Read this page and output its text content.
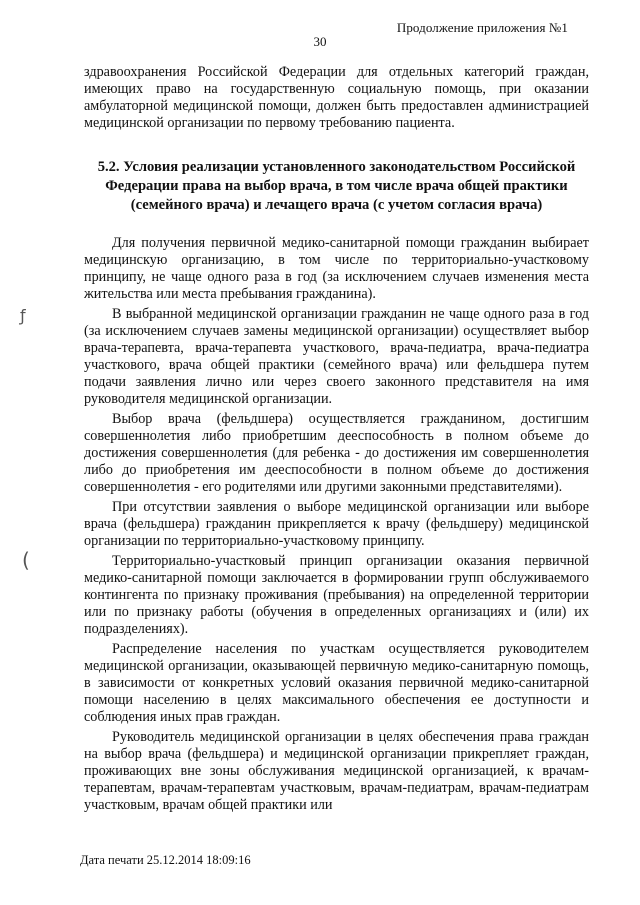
Продолжение приложения №1
30
ƒ
(

здравоохранения Российской Федерации для отдельных категорий граждан, имеющих право на государственную социальную помощь, при оказании амбулаторной медицинской помощи, должен быть предоставлен администрацией медицинской организации по первому требованию пациента.

5.2. Условия реализации установленного законодательством Российской Федерации права на выбор врача, в том числе врача общей практики (семейного врача) и лечащего врача (с учетом согласия врача)

Для получения первичной медико-санитарной помощи гражданин выбирает медицинскую организацию, в том числе по территориально-участковому принципу, не чаще одного раза в год (за исключением случаев изменения места жительства или места пребывания гражданина).

В выбранной медицинской организации гражданин не чаще одного раза в год (за исключением случаев замены медицинской организации) осуществляет выбор врача-терапевта, врача-терапевта участкового, врача-педиатра, врача-педиатра участкового, врача общей практики (семейного врача) или фельдшера путем подачи заявления лично или через своего законного представителя на имя руководителя медицинской организации.

Выбор врача (фельдшера) осуществляется гражданином, достигшим совершеннолетия либо приобретшим дееспособность в полном объеме до достижения совершеннолетия (для ребенка - до достижения им совершеннолетия либо до приобретения им дееспособности в полном объеме до достижения совершеннолетия - его родителями или другими законными представителями).

При отсутствии заявления о выборе медицинской организации или выборе врача (фельдшера) гражданин прикрепляется к врачу (фельдшеру) медицинской организации по территориально-участковому принципу.

Территориально-участковый принцип организации оказания первичной медико-санитарной помощи заключается в формировании групп обслуживаемого контингента по признаку проживания (пребывания) на определенной территории или по признаку работы (обучения в определенных организациях и (или) их подразделениях).

Распределение населения по участкам осуществляется руководителем медицинской организации, оказывающей первичную медико-санитарную помощь, в зависимости от конкретных условий оказания первичной медико-санитарной помощи населению в целях максимального обеспечения ее доступности и соблюдения иных прав граждан.

Руководитель медицинской организации в целях обеспечения права граждан на выбор врача (фельдшера) и медицинской организации прикрепляет граждан, проживающих вне зоны обслуживания медицинской организацией, к врачам-терапевтам, врачам-терапевтам участковым, врачам-педиатрам, врачам-педиатрам участковым, врачам общей практики или

Дата печати 25.12.2014 18:09:16
